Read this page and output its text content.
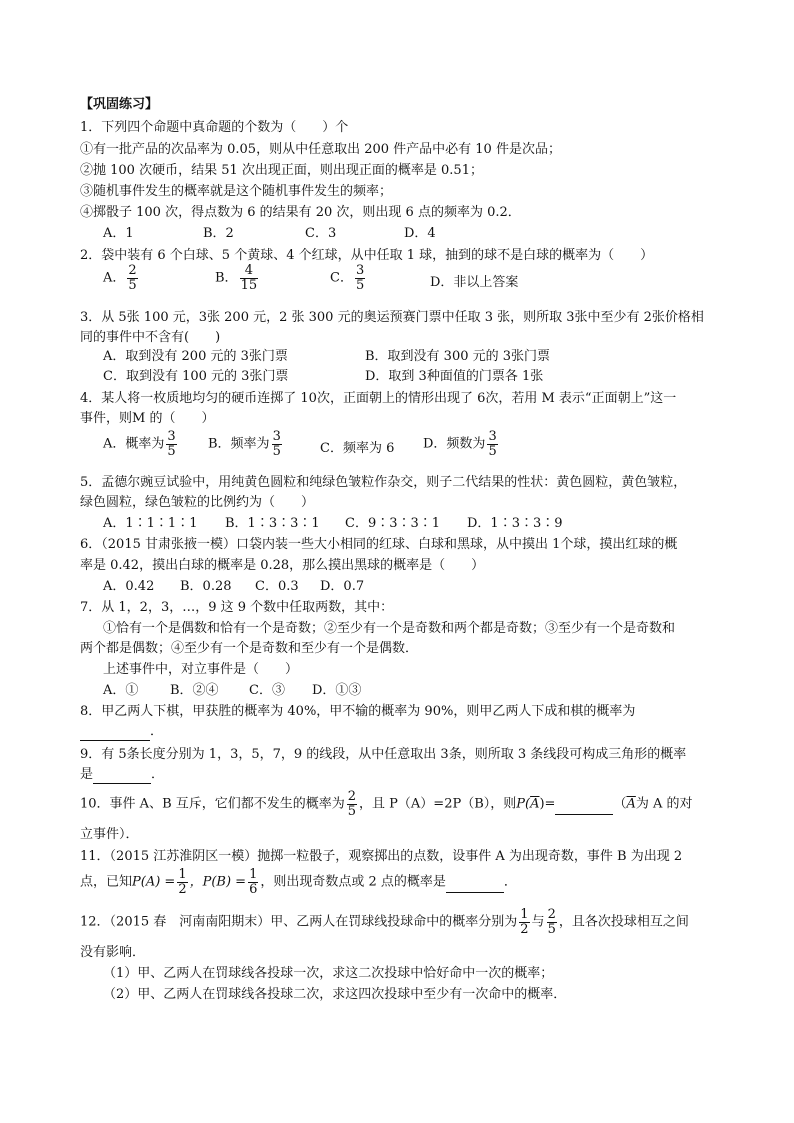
【巩固练习】
1．下列四个命题中真命题的个数为（　　）个
①有一批产品的次品率为 0.05，则从中任意取出 200 件产品中必有 10 件是次品；
②抛 100 次硬币，结果 51 次出现正面，则出现正面的概率是 0.51；
③随机事件发生的概率就是这个随机事件发生的频率；
④掷骰子 100 次，得点数为 6 的结果有 20 次，则出现 6 点的频率为 0.2．
A．1	B．2	C．3	D．4
2．袋中装有 6 个白球、5 个黄球、4 个红球，从中任取 1 球，抽到的球不是白球的概率为（　　）
A． $\frac{2}{5}$	B． $\frac{4}{15}$	C． $\frac{3}{5}$	D．非以上答案
3．从 5张 100 元，3张 200 元，2 张 300 元的奥运预赛门票中任取 3 张，则所取 3张中至少有 2张价格相
同的事件中不含有(　　)
A．取到没有 200 元的 3张门票	B．取到没有 300 元的 3张门票
C．取到没有 100 元的 3张门票	D．取到 3种面值的门票各 1张
4．某人将一枚质地均匀的硬币连掷了 10次，正面朝上的情形出现了 6次，若用 M 表示“正面朝上”这一
事件，则M 的（　　）
A．概率为 $\frac{3}{5}$ B．频率为 $\frac{3}{5}$	C．频率为 6 D．频数为 $\frac{3}{5}$
5．孟德尔豌豆试验中，用纯黄色圆粒和纯绿色皱粒作杂交，则子二代结果的性状：黄色圆粒，黄色皱粒，
绿色圆粒，绿色皱粒的比例约为（　　）
A．1∶1∶1∶1 B．1∶3∶3∶1 C．9∶3∶3∶1 D．1∶3∶3∶9
6．（2015 甘肃张掖一模）口袋内装一些大小相同的红球、白球和黑球，从中摸出 1个球，摸出红球的概
率是 0.42，摸出白球的概率是 0.28，那么摸出黑球的概率是（　　）
A．0.42 B．0.28 C．0.3 D．0.7
7．从 1，2，3，…，9 这 9 个数中任取两数，其中：
①恰有一个是偶数和恰有一个是奇数；②至少有一个是奇数和两个都是奇数；③至少有一个是奇数和
两个都是偶数；④至少有一个是奇数和至少有一个是偶数．
上述事件中，对立事件是（　　）
A．① B．②④ C．③ D．①③
8．甲乙两人下棋，甲获胜的概率为 40%，甲不输的概率为 90%，则甲乙两人下成和棋的概率为
．
9．有 5条长度分别为 1，3，5，7，9 的线段，从中任意取出 3条，则所取 3 条线段可构成三角形的概率
是	．
10．事件 A、B 互斥，它们都不发生的概率为 $\frac{2}{5}$ ，且 P（A）=2P（B），则$P(\overline{A})=$	（$\overline{A}$为 A 的对
立事件）．
11．（2015 江苏淮阴区一模）抛掷一粒骰子，观察掷出的点数，设事件 A 为出现奇数，事件 B 为出现 2
点，已知$P(A) = \frac{1}{2}$ ，$P(B) = \frac{1}{6}$ ，则出现奇数点或 2 点的概率是	．
12．（2015 春　河南南阳期末）甲、乙两人在罚球线投球命中的概率分别为 $\frac{1}{2}$ 与 $\frac{2}{5}$ ，且各次投球相互之间
没有影响．
（1）甲、乙两人在罚球线各投球一次，求这二次投球中恰好命中一次的概率；
（2）甲、乙两人在罚球线各投球二次，求这四次投球中至少有一次命中的概率．
